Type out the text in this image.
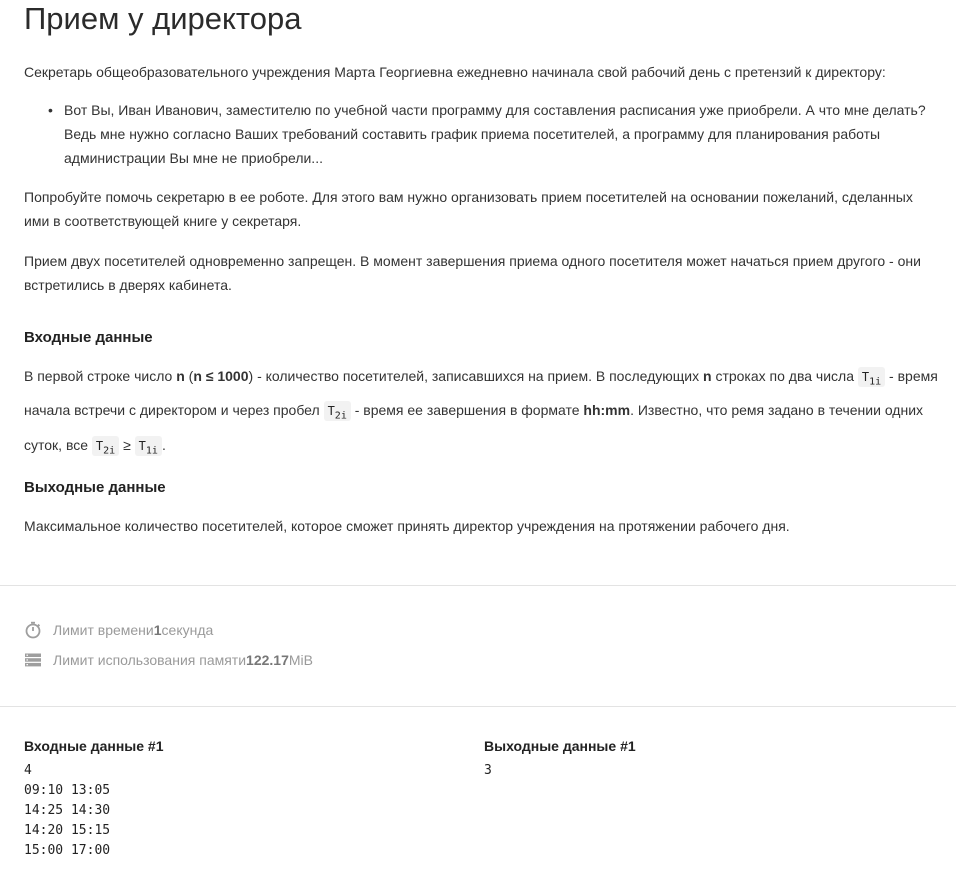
Прием у директора

Секретарь общеобразовательного учреждения Марта Георгиевна ежедневно начинала свой рабочий день с претензий к директору:

• Вот Вы, Иван Иванович, заместителю по учебной части программу для составления расписания уже приобрели. А что мне делать? Ведь мне нужно согласно Ваших требований составить график приема посетителей, а программу для планирования работы администрации Вы мне не приобрели...

Попробуйте помочь секретарю в ее роботе. Для этого вам нужно организовать прием посетителей на основании пожеланий, сделанных ими в соответствующей книге у секретаря.

Прием двух посетителей одновременно запрещен. В момент завершения приема одного посетителя может начаться прием другого - они встретились в дверях кабинета.

Входные данные

В первой строке число n (n ≤ 1000) - количество посетителей, записавшихся на прием. В последующих n строках по два числа $T_{1i}$ - время начала встречи с директором и через пробел $T_{2i}$ - время ее завершения в формате hh:mm. Известно, что ремя задано в течении одних суток, все $T_{2i} \ge T_{1i}$ .

Выходные данные

Максимальное количество посетителей, которое сможет принять директор учреждения на протяжении рабочего дня.

Лимит времени 1 секунда
Лимит использования памяти 122.17 MiB
Входные данные #1
4
09:10 13:05
14:25 14:30
14:20 15:15
15:00 17:00
Выходные данные #1
3
